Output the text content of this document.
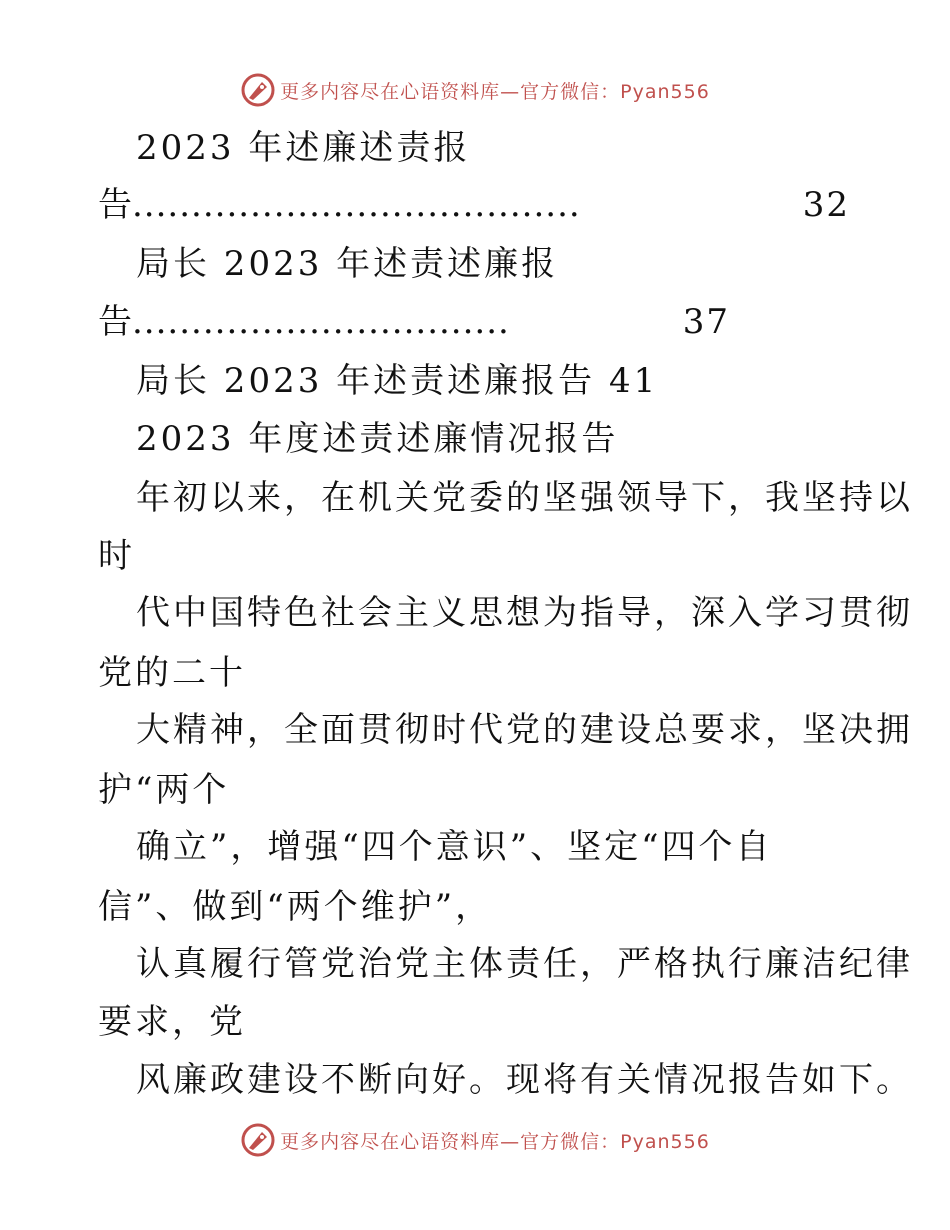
更多内容尽在心语资料库—官方微信：Pyan556
2023 年述廉述责报
告 ......................................	32
局长 2023 年述责述廉报
告 ................................	37
局长 2023 年述责述廉报告 41
2023 年度述责述廉情况报告
年初以来，在机关党委的坚强领导下，我坚持以
时
代中国特色社会主义思想为指导，深入学习贯彻
党的二十
大精神，全面贯彻时代党的建设总要求，坚决拥
护“两个
确立”，增强“四个意识”、坚定“四个自
信”、做到“两个维护”，
认真履行管党治党主体责任，严格执行廉洁纪律
要求，党
风廉政建设不断向好。现将有关情况报告如下。
更多内容尽在心语资料库—官方微信：Pyan556
